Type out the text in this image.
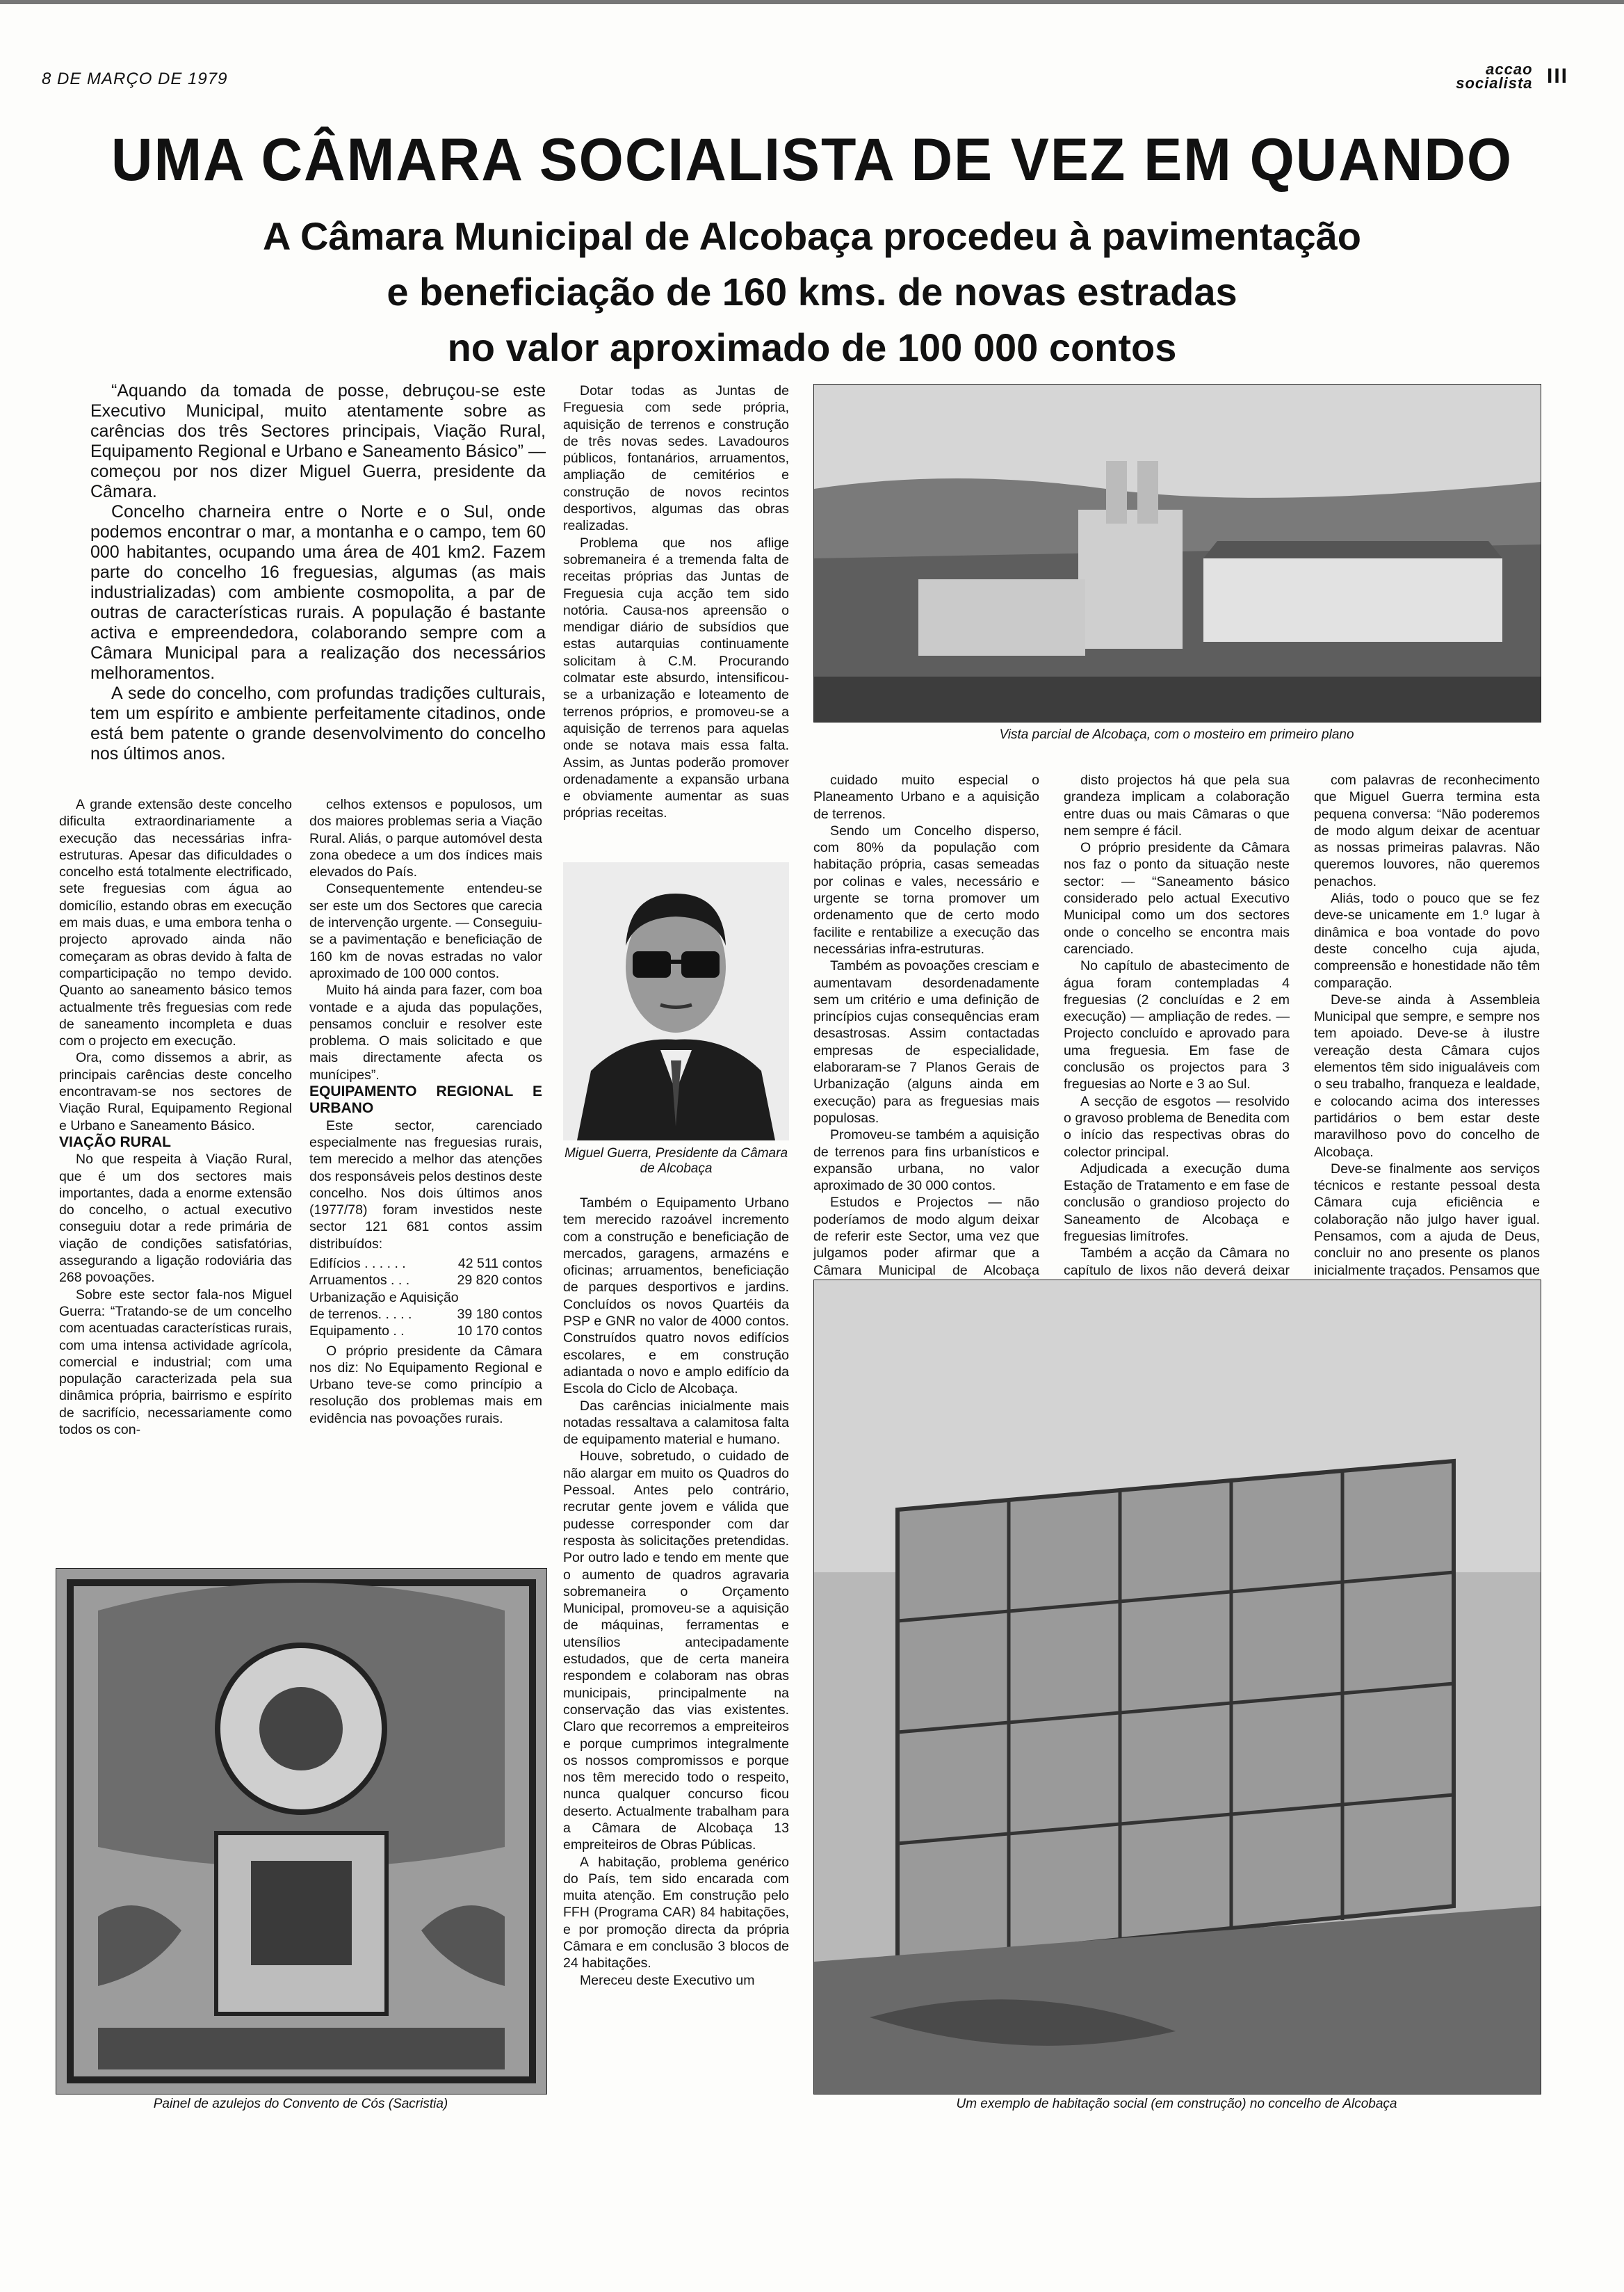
8 DE MARÇO DE 1979
accao
socialista III
UMA CÂMARA SOCIALISTA DE VEZ EM QUANDO
A Câmara Municipal de Alcobaça procedeu à pavimentação
e beneficiação de 160 kms. de novas estradas
no valor aproximado de 100 000 contos

“Aquando da tomada de posse, debruçou-se este Executivo Municipal, muito atentamente sobre as carências dos três Sectores principais, Viação Rural, Equipamento Regional e Urbano e Saneamento Básico” — começou por nos dizer Miguel Guerra, presidente da Câmara.

Concelho charneira entre o Norte e o Sul, onde podemos encontrar o mar, a montanha e o campo, tem 60 000 habitantes, ocupando uma área de 401 km2. Fazem parte do concelho 16 freguesias, algumas (as mais industrializadas) com ambiente cosmopolita, a par de outras de características rurais. A população é bastante activa e empreendedora, colaborando sempre com a Câmara Municipal para a realização dos necessários melhoramentos.

A sede do concelho, com profundas tradições culturais, tem um espírito e ambiente perfeitamente citadinos, onde está bem patente o grande desenvolvimento do concelho nos últimos anos.

A grande extensão deste concelho dificulta extraordinariamente a execução das necessárias infra-estruturas. Apesar das dificuldades o concelho está totalmente electrificado, sete freguesias com água ao domicílio, estando obras em execução em mais duas, e uma embora tenha o projecto aprovado ainda não começaram as obras devido à falta de comparticipação no tempo devido. Quanto ao saneamento básico temos actualmente três freguesias com rede de saneamento incompleta e duas com o projecto em execução.

Ora, como dissemos a abrir, as principais carências deste concelho encontravam-se nos sectores de Viação Rural, Equipamento Regional e Urbano e Saneamento Básico.

VIAÇÃO RURAL

No que respeita à Viação Rural, que é um dos sectores mais importantes, dada a enorme extensão do concelho, o actual executivo conseguiu dotar a rede primária de viação de condições satisfatórias, assegurando a ligação rodoviária das 268 povoações.

Sobre este sector fala-nos Miguel Guerra: “Tratando-se de um concelho com acentuadas características rurais, com uma intensa actividade agrícola, comercial e industrial; com uma população caracterizada pela sua dinâmica própria, bairrismo e espírito de sacrifício, necessariamente como todos os con-

celhos extensos e populosos, um dos maiores problemas seria a Viação Rural. Aliás, o parque automóvel desta zona obedece a um dos índices mais elevados do País.

Consequentemente entendeu-se ser este um dos Sectores que carecia de intervenção urgente. — Conseguiu-se a pavimentação e beneficiação de 160 km de novas estradas no valor aproximado de 100 000 contos.

Muito há ainda para fazer, com boa vontade e a ajuda das populações, pensamos concluir e resolver este problema. O mais solicitado e que mais directamente afecta os munícipes”.

EQUIPAMENTO REGIONAL E URBANO

Este sector, carenciado especialmente nas freguesias rurais, tem merecido a melhor das atenções dos responsáveis pelos destinos deste concelho. Nos dois últimos anos (1977/78) foram investidos neste sector 121 681 contos assim distribuídos:

Edifícios . . . . . .	42 511 contos
Arruamentos . . .	29 820 contos
Urbanização e Aquisição
de terrenos. . . . .	39 180 contos
Equipamento . .	10 170 contos

O próprio presidente da Câmara nos diz: No Equipamento Regional e Urbano teve-se como princípio a resolução dos problemas mais em evidência nas povoações rurais.

Dotar todas as Juntas de Freguesia com sede própria, aquisição de terrenos e construção de três novas sedes. Lavadouros públicos, fontanários, arruamentos, ampliação de cemitérios e construção de novos recintos desportivos, algumas das obras realizadas.

Problema que nos aflige sobremaneira é a tremenda falta de receitas próprias das Juntas de Freguesia cuja acção tem sido notória. Causa-nos apreensão o mendigar diário de subsídios que estas autarquias continuamente solicitam à C.M. Procurando colmatar este absurdo, intensificou-se a urbanização e loteamento de terrenos próprios, e promoveu-se a aquisição de terrenos para aquelas onde se notava mais essa falta. Assim, as Juntas poderão promover ordenadamente a expansão urbana e obviamente aumentar as suas próprias receitas.

Miguel Guerra, Presidente da Câmara de Alcobaça

Também o Equipamento Urbano tem merecido razoável incremento com a construção e beneficiação de mercados, garagens, armazéns e oficinas; arruamentos, beneficiação de parques desportivos e jardins. Concluídos os novos Quartéis da PSP e GNR no valor de 4000 contos. Construídos quatro novos edifícios escolares, e em construção adiantada o novo e amplo edifício da Escola do Ciclo de Alcobaça.

Das carências inicialmente mais notadas ressaltava a calamitosa falta de equipamento material e humano.

Houve, sobretudo, o cuidado de não alargar em muito os Quadros do Pessoal. Antes pelo contrário, recrutar gente jovem e válida que pudesse corresponder com dar resposta às solicitações pretendidas. Por outro lado e tendo em mente que o aumento de quadros agravaria sobremaneira o Orçamento Municipal, promoveu-se a aquisição de máquinas, ferramentas e utensílios antecipadamente estudados, que de certa maneira respondem e colaboram nas obras municipais, principalmente na conservação das vias existentes. Claro que recorremos a empreiteiros e porque cumprimos integralmente os nossos compromissos e porque nos têm merecido todo o respeito, nunca qualquer concurso ficou deserto. Actualmente trabalham para a Câmara de Alcobaça 13 empreiteiros de Obras Públicas.

A habitação, problema genérico do País, tem sido encarada com muita atenção. Em construção pelo FFH (Programa CAR) 84 habitações, e por promoção directa da própria Câmara e em conclusão 3 blocos de 24 habitações.

Mereceu deste Executivo um

Vista parcial de Alcobaça, com o mosteiro em primeiro plano

cuidado muito especial o Planeamento Urbano e a aquisição de terrenos.

Sendo um Concelho disperso, com 80% da população com habitação própria, casas semeadas por colinas e vales, necessário e urgente se torna promover um ordenamento que de certo modo facilite e rentabilize a execução das necessárias infra-estruturas.

Também as povoações cresciam e aumentavam desordenadamente sem um critério e uma definição de princípios cujas consequências eram desastrosas. Assim contactadas empresas de especialidade, elaboraram-se 7 Planos Gerais de Urbanização (alguns ainda em execução) para as freguesias mais populosas.

Promoveu-se também a aquisição de terrenos para fins urbanísticos e expansão urbana, no valor aproximado de 30 000 contos.

Estudos e Projectos — não poderíamos de modo algum deixar de referir este Sector, uma vez que julgamos poder afirmar que a Câmara Municipal de Alcobaça

disto projectos há que pela sua grandeza implicam a colaboração entre duas ou mais Câmaras o que nem sempre é fácil.

O próprio presidente da Câmara nos faz o ponto da situação neste sector: — “Saneamento básico considerado pelo actual Executivo Municipal como um dos sectores onde o concelho se encontra mais carenciado.

No capítulo de abastecimento de água foram contempladas 4 freguesias (2 concluídas e 2 em execução) — ampliação de redes. — Projecto concluído e aprovado para uma freguesia. Em fase de conclusão os projectos para 3 freguesias ao Norte e 3 ao Sul.

A secção de esgotos — resolvido o gravoso problema de Benedita com o início das respectivas obras do colector principal.

Adjudicada a execução duma Estação de Tratamento e em fase de conclusão o grandioso projecto do Saneamento de Alcobaça e freguesias limítrofes.

Também a acção da Câmara no capítulo de lixos não deverá deixar

com palavras de reconhecimento que Miguel Guerra termina esta pequena conversa: “Não poderemos de modo algum deixar de acentuar as nossas primeiras palavras. Não queremos louvores, não queremos penachos.

Aliás, todo o pouco que se fez deve-se unicamente em 1.º lugar à dinâmica e boa vontade do povo deste concelho cuja ajuda, compreensão e honestidade não têm comparação.

Deve-se ainda à Assembleia Municipal que sempre, e sempre nos tem apoiado. Deve-se à ilustre vereação desta Câmara cujos elementos têm sido inigualáveis com o seu trabalho, franqueza e lealdade, e colocando acima dos interesses partidários o bem estar deste maravilhoso povo do concelho de Alcobaça.

Deve-se finalmente aos serviços técnicos e restante pessoal desta Câmara cuja eficiência e colaboração não julgo haver igual. Pensamos, com a ajuda de Deus, concluir no ano presente os planos inicialmente traçados. Pensamos que

Painel de azulejos do Convento de Cós (Sacristia)	Um exemplo de habitação social (em construção) no concelho de Alcobaça
